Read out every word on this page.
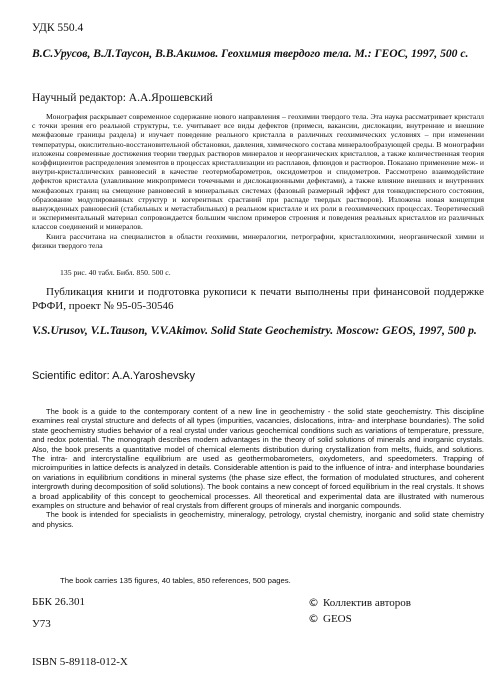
УДК 550.4
В.С.Урусов, В.Л.Таусон, В.В.Акимов. Геохимия твердого тела. М.: ГЕОС, 1997, 500 с.
Научный редактор: А.А.Ярошевский

Монография раскрывает современное содержание нового направления – геохимии твердого тела. Эта наука рассматривает кристалл с точки зрения его реальной структуры, т.е. учитывает все виды дефектов (примеси, вакансии, дислокации, внутренние и внешние межфазовые границы раздела) и изучает поведение реального кристалла в различных геохимических условиях – при изменении температуры, окислительно-восстановительной обстановки, давления, химического состава минералообразующей среды. В монографии изложены современные достижения теории твердых растворов минералов и неорганических кристаллов, а также количественная теория коэффициентов распределения элементов в процессах кристаллизации из расплавов, флюидов и растворов. Показано применение меж- и внутри-кристаллических равновесий в качестве геотермобарометров, оксидометров и спидометров. Рассмотрено взаимодействие дефектов кристалла (улавливание микропримеси точечными и дислокационными дефектами), а также влияние внешних и внутренних межфазовых границ на смещение равновесий в минеральных системах (фазовый размерный эффект для тонкодисперсного состояния, образование модулированных структур и когерентных срастаний при распаде твердых растворов). Изложена новая концепция вынужденных равновесий (стабильных и метастабильных) в реальном кристалле и их роли в геохимических процессах. Теоретический и экспериментальный материал сопровождается большим числом примеров строения и поведения реальных кристаллов из различных классов соединений и минералов.

Книга рассчитана на специалистов в области геохимии, минералогии, петрографии, кристаллохимии, неорганической химии и физики твердого тела

135 рис. 40 табл. Библ. 850. 500 с.
Публикация книги и подготовка рукописи к печати выполнены при финансовой поддержке РФФИ, проект № 95-05-30546
V.S.Urusov, V.L.Tauson, V.V.Akimov. Solid State Geochemistry. Moscow: GEOS, 1997, 500 p.
Scientific editor: A.A.Yaroshevsky

The book is a guide to the contemporary content of a new line in geochemistry - the solid state geochemistry. This discipline examines real crystal structure and defects of all types (impurities, vacancies, dislocations, intra- and interphase boundaries). The solid state geochemistry studies behavior of a real crystal under various geochemical conditions such as variations of temperature, pressure, and redox potential. The monograph describes modern advantages in the theory of solid solutions of minerals and inorganic crystals. Also, the book presents a quantitative model of chemical elements distribution during crystallization from melts, fluids, and solutions. The intra- and intercrystalline equilibrium are used as geothermobarometers, oxydometers, and speedometers. Trapping of microimpurities in lattice defects is analyzed in details. Considerable attention is paid to the influence of intra- and interphase boundaries on variations in equilibrium conditions in mineral systems (the phase size effect, the formation of modulated structures, and coherent intergrowth during decomposition of solid solutions). The book contains a new concept of forced equilibrium in the real crystals. It shows a broad applicability of this concept to geochemical processes. All theoretical and experimental data are illustrated with numerous examples on structure and behavior of real crystals from different groups of minerals and inorganic compounds.

The book is intended for specialists in geochemistry, mineralogy, petrology, crystal chemistry, inorganic and solid state chemistry and physics.

The book carries 135 figures, 40 tables, 850 references, 500 pages.
ББК 26.301
У73
ISBN 5-89118-012-X
© Коллектив авторов
© GEOS
